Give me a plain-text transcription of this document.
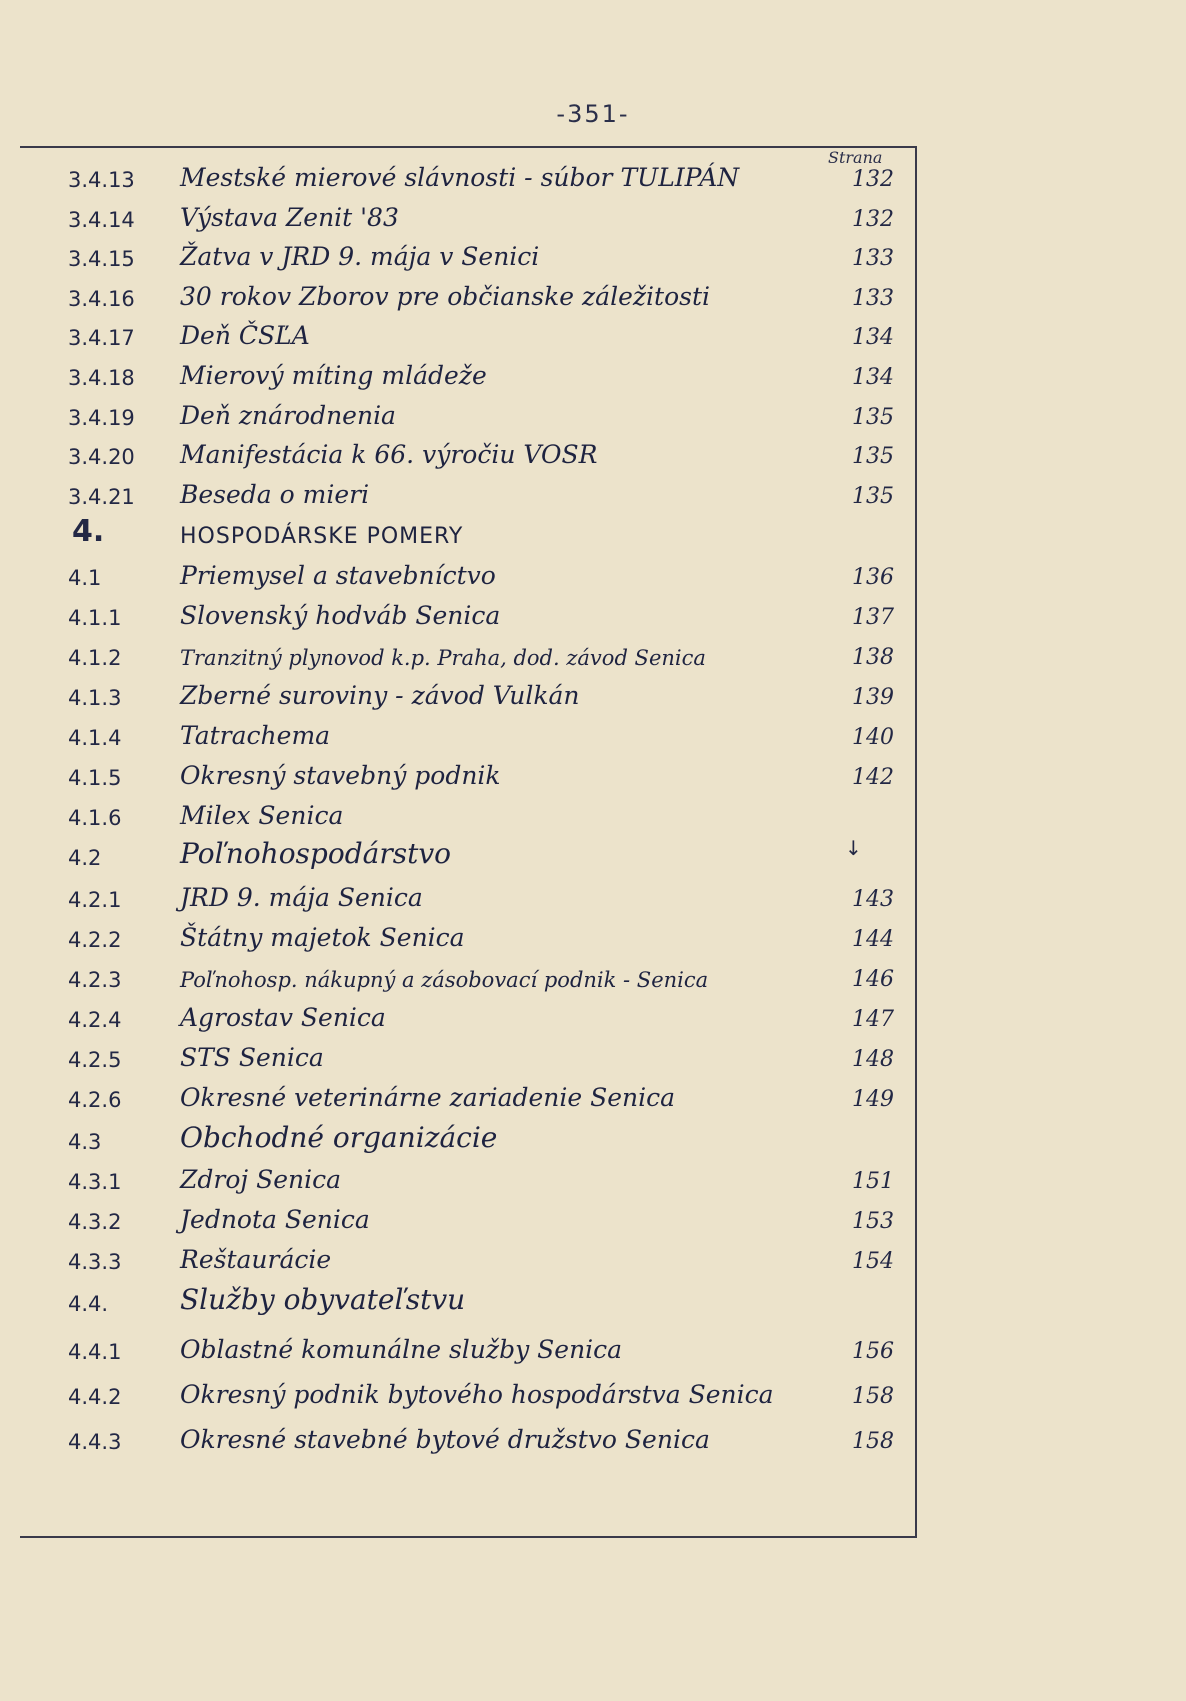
-351-
Strana
3.4.13 Mestské mierové slávnosti - súbor TULIPÁN	132
3.4.14 Výstava Zenit '83	132
3.4.15 Žatva v JRD 9. mája v Senici	133
3.4.16 30 rokov Zborov pre občianske záležitosti	133
3.4.17 Deň ČSĽA	134
3.4.18 Mierový míting mládeže	134
3.4.19 Deň znárodnenia	135
3.4.20 Manifestácia k 66. výročiu VOSR	135
3.4.21 Beseda o mieri	135
4.	HOSPODÁRSKE POMERY
4.1	Priemysel a stavebníctvo	136
4.1.1 Slovenský hodváb Senica	137
4.1.2	Tranzitný plynovod k.p. Praha, dod. závod Senica	138
4.1.3 Zberné suroviny - závod Vulkán	139
4.1.4 Tatrachema	140
4.1.5 Okresný stavebný podnik	142
↓
4.1.6 Milex Senica
4.2	Poľnohospodárstvo
4.2.1 JRD 9. mája Senica	143
4.2.2 Štátny majetok Senica	144
4.2.3	Poľnohosp. nákupný a zásobovací podnik - Senica	146
4.2.4 Agrostav Senica	147
4.2.5 STS Senica	148
4.2.6 Okresné veterinárne zariadenie Senica	149
4.3	Obchodné organizácie
4.3.1 Zdroj Senica	151
4.3.2 Jednota Senica	153
4.3.3 Reštaurácie	154
4.4.	Služby obyvateľstvu
4.4.1 Oblastné komunálne služby Senica	156
4.4.2 Okresný podnik bytového hospodárstva Senica	158
4.4.3 Okresné stavebné bytové družstvo Senica	158
